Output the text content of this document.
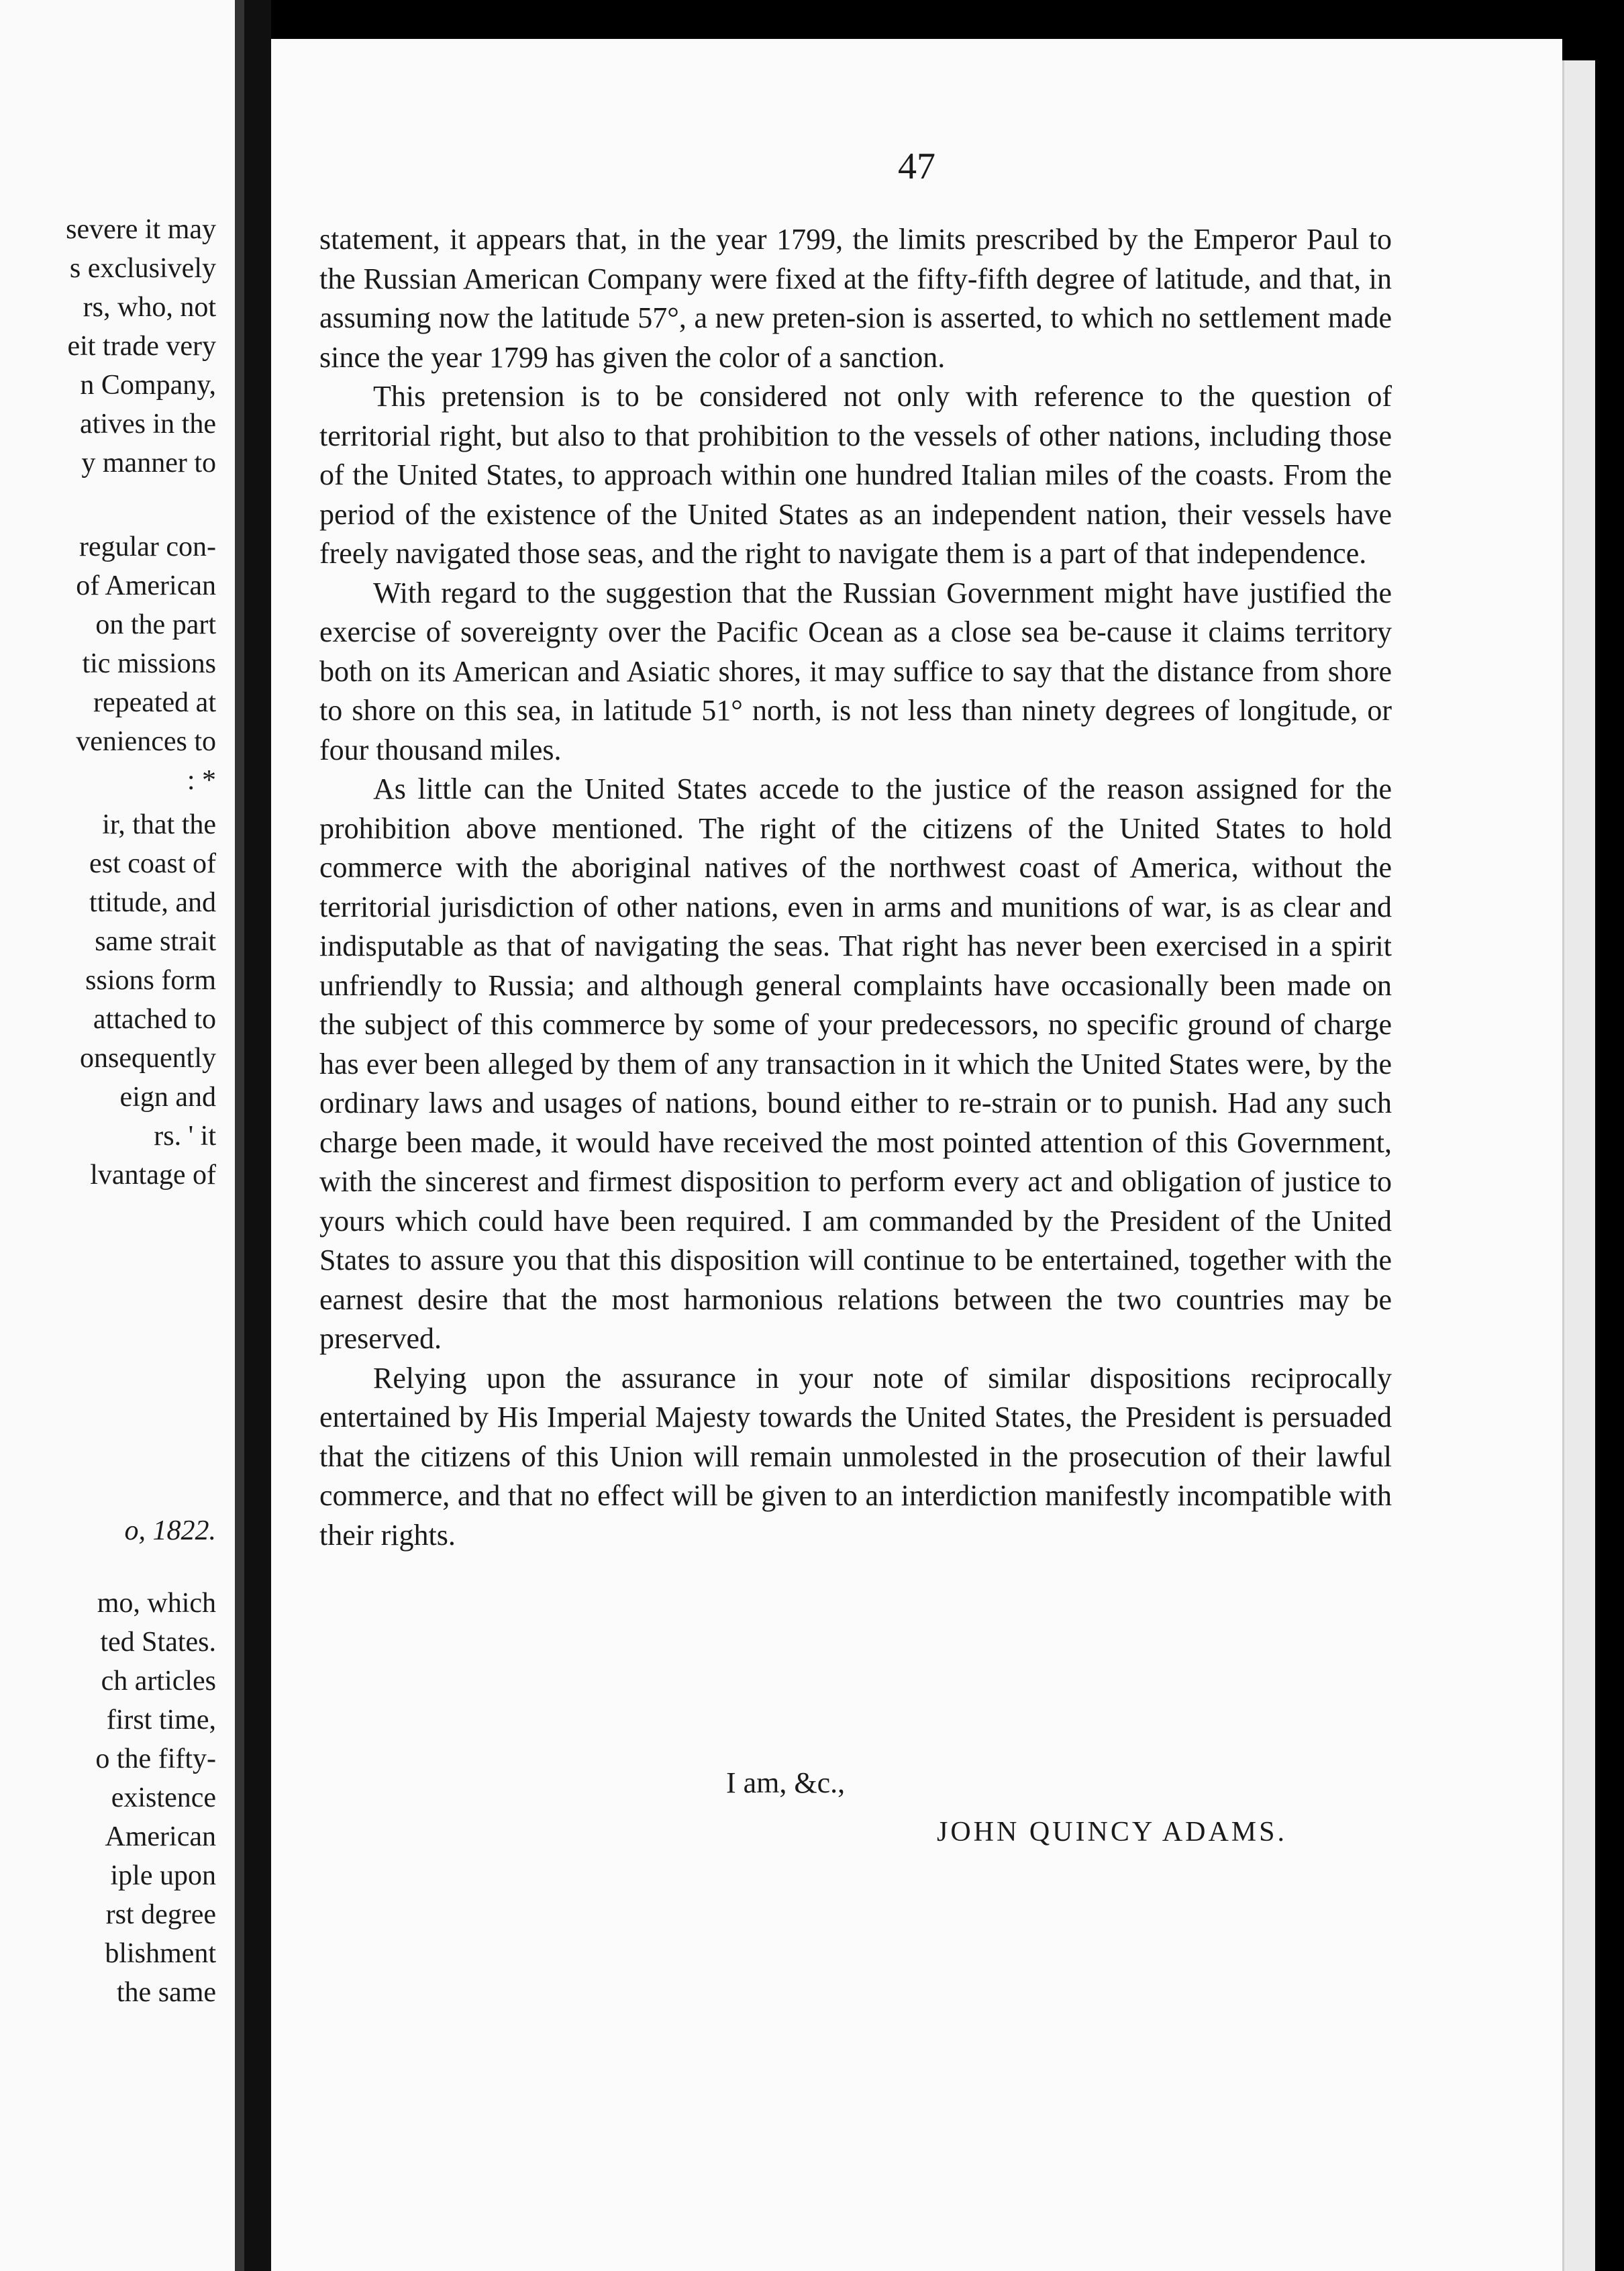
severe it may
s exclusively
rs, who, not
eit trade very
n Company,
atives in the
y manner to
regular con-
of American
on the part
tic missions
repeated at
veniences to
: *
ir, that the
est coast of
ttitude, and
same strait
ssions form
attached to
onsequently
eign and
rs. ' it
lvantage of
o, 1822.
mo, which
ted States.
ch articles
first time,
o the fifty-
existence
American
iple upon
rst degree
blishment
the same
47

statement, it appears that, in the year 1799, the limits prescribed by the Emperor Paul to the Russian American Company were fixed at the fifty-fifth degree of latitude, and that, in assuming now the latitude 57°, a new preten-sion is asserted, to which no settlement made since the year 1799 has given the color of a sanction.

This pretension is to be considered not only with reference to the question of territorial right, but also to that prohibition to the vessels of other nations, including those of the United States, to approach within one hundred Italian miles of the coasts. From the period of the existence of the United States as an independent nation, their vessels have freely navigated those seas, and the right to navigate them is a part of that independence.

With regard to the suggestion that the Russian Government might have justified the exercise of sovereignty over the Pacific Ocean as a close sea be-cause it claims territory both on its American and Asiatic shores, it may suffice to say that the distance from shore to shore on this sea, in latitude 51° north, is not less than ninety degrees of longitude, or four thousand miles.

As little can the United States accede to the justice of the reason assigned for the prohibition above mentioned. The right of the citizens of the United States to hold commerce with the aboriginal natives of the northwest coast of America, without the territorial jurisdiction of other nations, even in arms and munitions of war, is as clear and indisputable as that of navigating the seas. That right has never been exercised in a spirit unfriendly to Russia; and although general complaints have occasionally been made on the subject of this commerce by some of your predecessors, no specific ground of charge has ever been alleged by them of any transaction in it which the United States were, by the ordinary laws and usages of nations, bound either to re-strain or to punish. Had any such charge been made, it would have received the most pointed attention of this Government, with the sincerest and firmest disposition to perform every act and obligation of justice to yours which could have been required. I am commanded by the President of the United States to assure you that this disposition will continue to be entertained, together with the earnest desire that the most harmonious relations between the two countries may be preserved.

Relying upon the assurance in your note of similar dispositions reciprocally entertained by His Imperial Majesty towards the United States, the President is persuaded that the citizens of this Union will remain unmolested in the prosecution of their lawful commerce, and that no effect will be given to an interdiction manifestly incompatible with their rights.

I am, &c.,
JOHN QUINCY ADAMS.
